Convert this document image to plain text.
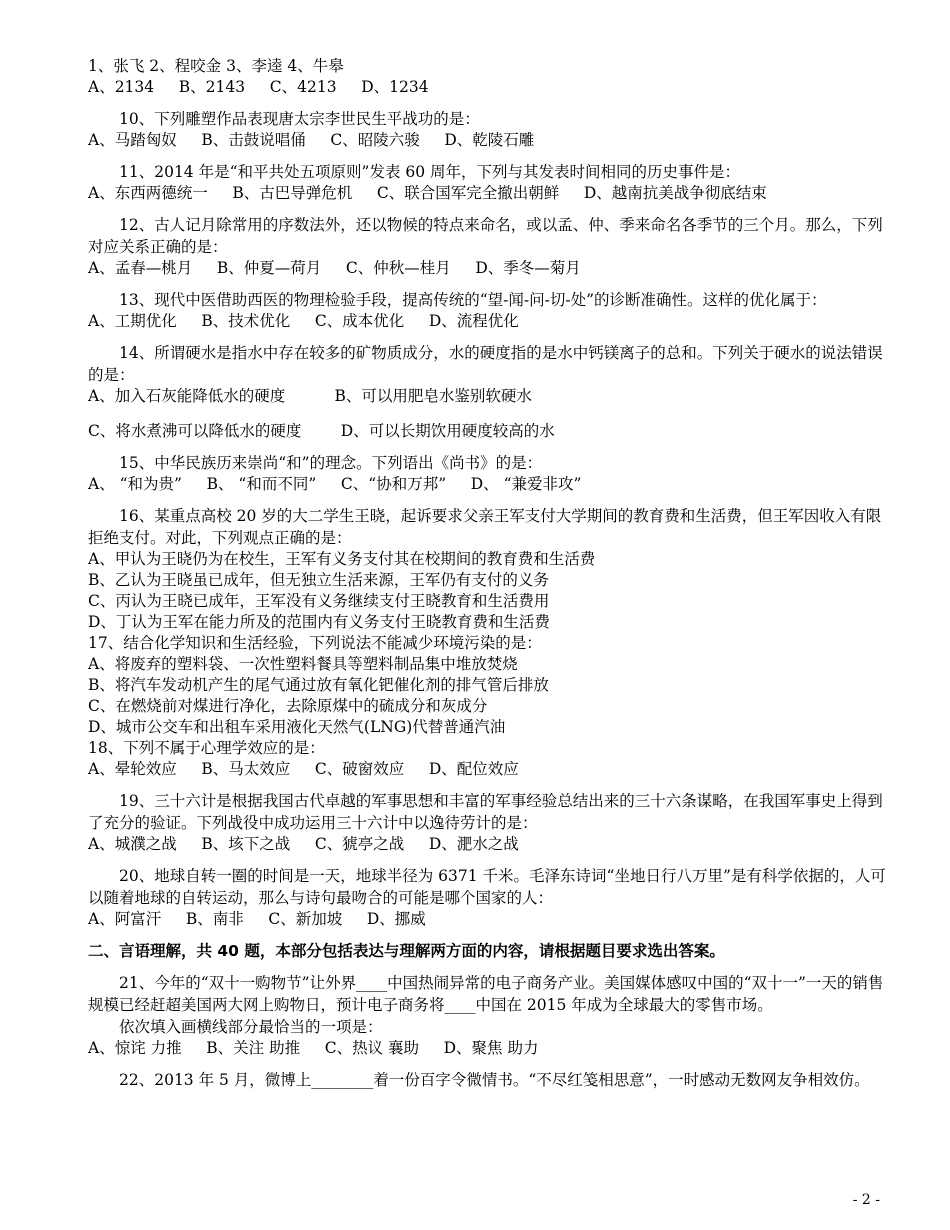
1、张飞 2、程咬金 3、李逵 4、牛皋
A、2134     B、2143     C、4213     D、1234
10、下列雕塑作品表现唐太宗李世民生平战功的是：
A、马踏匈奴     B、击鼓说唱俑     C、昭陵六骏     D、乾陵石雕
11、2014 年是“和平共处五项原则”发表 60 周年，下列与其发表时间相同的历史事件是：
A、东西两德统一     B、古巴导弹危机     C、联合国军完全撤出朝鲜     D、越南抗美战争彻底结束
12、古人记月除常用的序数法外，还以物候的特点来命名，或以孟、仲、季来命名各季节的三个月。那么，下列对应关系正确的是：
A、孟春—桃月     B、仲夏—荷月     C、仲秋—桂月     D、季冬—菊月
13、现代中医借助西医的物理检验手段，提高传统的“望-闻-问-切-处”的诊断准确性。这样的优化属于：
A、工期优化     B、技术优化     C、成本优化     D、流程优化
14、所谓硬水是指水中存在较多的矿物质成分，水的硬度指的是水中钙镁离子的总和。下列关于硬水的说法错误的是：
A、加入石灰能降低水的硬度          B、可以用肥皂水鉴别软硬水
C、将水煮沸可以降低水的硬度        D、可以长期饮用硬度较高的水
15、中华民族历来崇尚“和”的理念。下列语出《尚书》的是：
A、 “和为贵”     B、 “和而不同”     C、“协和万邦”     D、 “兼爱非攻”
16、某重点高校 20 岁的大二学生王晓，起诉要求父亲王军支付大学期间的教育费和生活费，但王军因收入有限拒绝支付。对此，下列观点正确的是：
A、甲认为王晓仍为在校生，王军有义务支付其在校期间的教育费和生活费
B、乙认为王晓虽已成年，但无独立生活来源，王军仍有支付的义务
C、丙认为王晓已成年，王军没有义务继续支付王晓教育和生活费用
D、丁认为王军在能力所及的范围内有义务支付王晓教育费和生活费
17、结合化学知识和生活经验，下列说法不能减少环境污染的是：
A、将废弃的塑料袋、一次性塑料餐具等塑料制品集中堆放焚烧
B、将汽车发动机产生的尾气通过放有氧化钯催化剂的排气管后排放
C、在燃烧前对煤进行净化，去除原煤中的硫成分和灰成分
D、城市公交车和出租车采用液化天然气(LNG)代替普通汽油
18、下列不属于心理学效应的是：
A、晕轮效应     B、马太效应     C、破窗效应     D、配位效应
19、三十六计是根据我国古代卓越的军事思想和丰富的军事经验总结出来的三十六条谋略，在我国军事史上得到了充分的验证。下列战役中成功运用三十六计中以逸待劳计的是：
A、城濮之战     B、垓下之战     C、猇亭之战     D、淝水之战
20、地球自转一圈的时间是一天，地球半径为 6371 千米。毛泽东诗词“坐地日行八万里”是有科学依据的，人可以随着地球的自转运动，那么与诗句最吻合的可能是哪个国家的人：
A、阿富汗     B、南非     C、新加坡     D、挪威
二、言语理解，共 40 题，本部分包括表达与理解两方面的内容，请根据题目要求选出答案。
21、今年的“双十一购物节”让外界____中国热闹异常的电子商务产业。美国媒体感叹中国的“双十一”一天的销售规模已经赶超美国两大网上购物日，预计电子商务将____中国在 2015 年成为全球最大的零售市场。
依次填入画横线部分最恰当的一项是：
A、惊诧 力推     B、关注 助推     C、热议 襄助     D、聚焦 助力
22、2013 年 5 月，微博上________着一份百字令微情书。“不尽红笺相思意”，一时感动无数网友争相效仿。
- 2 -
